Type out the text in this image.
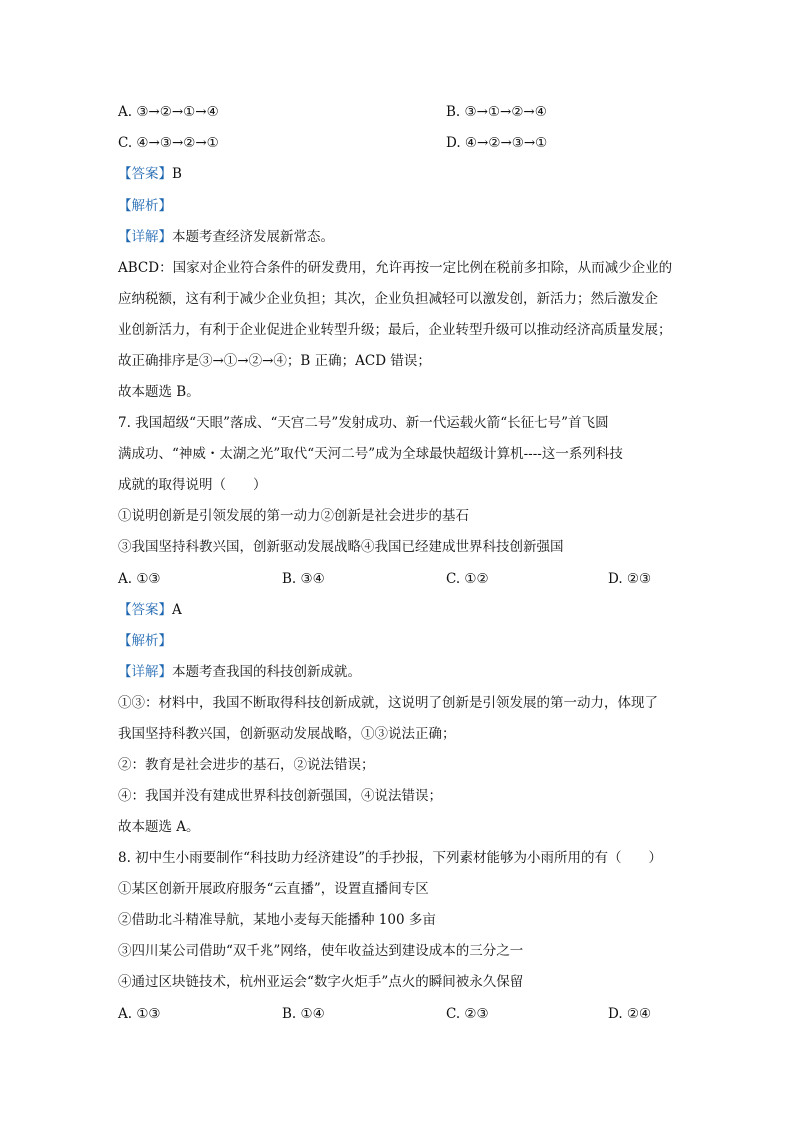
A. ③→②→①→④	B. ③→①→②→④
C. ④→③→②→①	D. ④→②→③→①
【答案】B
【解析】
【详解】本题考查经济发展新常态。
ABCD：国家对企业符合条件的研发费用，允许再按一定比例在税前多扣除，从而减少企业的
应纳税额，这有利于减少企业负担；其次，企业负担减轻可以激发创，新活力；然后激发企
业创新活力，有利于企业促进企业转型升级；最后，企业转型升级可以推动经济高质量发展；
故正确排序是③→①→②→④；B 正确；ACD 错误；
故本题选 B。
7. 我国超级“天眼”落成、“天宫二号”发射成功、新一代运载火箭“长征七号”首飞圆
满成功、“神威・太湖之光”取代“天河二号”成为全球最快超级计算机----这一系列科技
成就的取得说明（　　）
①说明创新是引领发展的第一动力②创新是社会进步的基石
③我国坚持科教兴国，创新驱动发展战略④我国已经建成世界科技创新强国
A. ①③	B. ③④	C. ①②	D. ②③
【答案】A
【解析】
【详解】本题考查我国的科技创新成就。
①③：材料中，我国不断取得科技创新成就，这说明了创新是引领发展的第一动力，体现了
我国坚持科教兴国，创新驱动发展战略，①③说法正确；
②：教育是社会进步的基石，②说法错误；
④：我国并没有建成世界科技创新强国，④说法错误；
故本题选 A。
8. 初中生小雨要制作“科技助力经济建设”的手抄报，下列素材能够为小雨所用的有（　　）
①某区创新开展政府服务“云直播”，设置直播间专区
②借助北斗精准导航，某地小麦每天能播种 100 多亩
③四川某公司借助“双千兆”网络，使年收益达到建设成本的三分之一
④通过区块链技术，杭州亚运会“数字火炬手”点火的瞬间被永久保留
A. ①③	B. ①④	C. ②③	D. ②④
